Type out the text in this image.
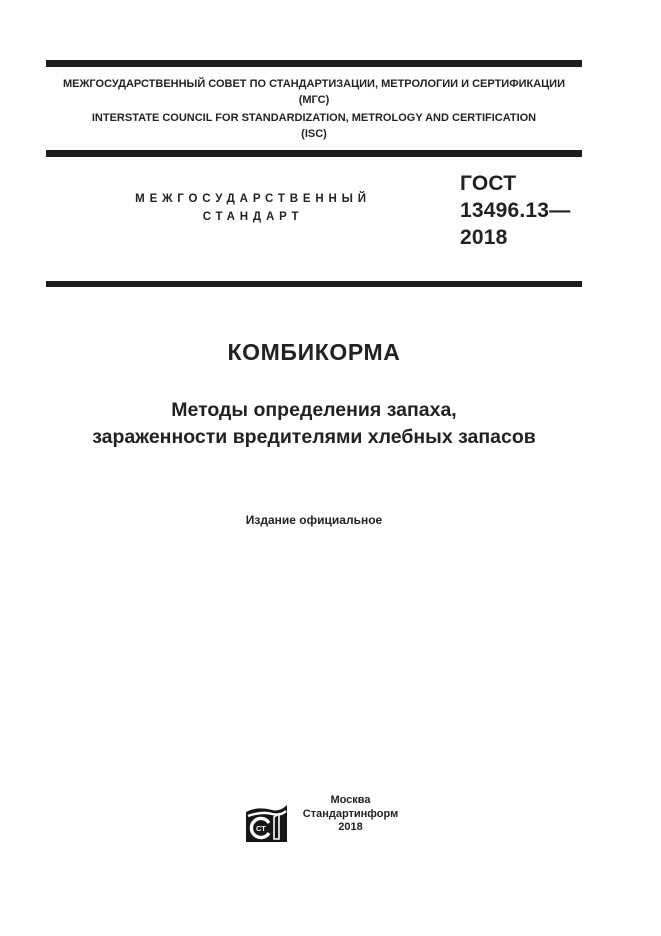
МЕЖГОСУДАРСТВЕННЫЙ СОВЕТ ПО СТАНДАРТИЗАЦИИ, МЕТРОЛОГИИ И СЕРТИФИКАЦИИ
(МГС)
INTERSTATE COUNCIL FOR STANDARDIZATION, METROLOGY AND CERTIFICATION
(ISC)
МЕЖГОСУДАРСТВЕННЫЙ
СТАНДАРТ
ГОСТ
13496.13—
2018
КОМБИКОРМА
Методы определения запаха,
зараженности вредителями хлебных запасов
Издание официальное
СТ
Москва
Стандартинформ
2018
